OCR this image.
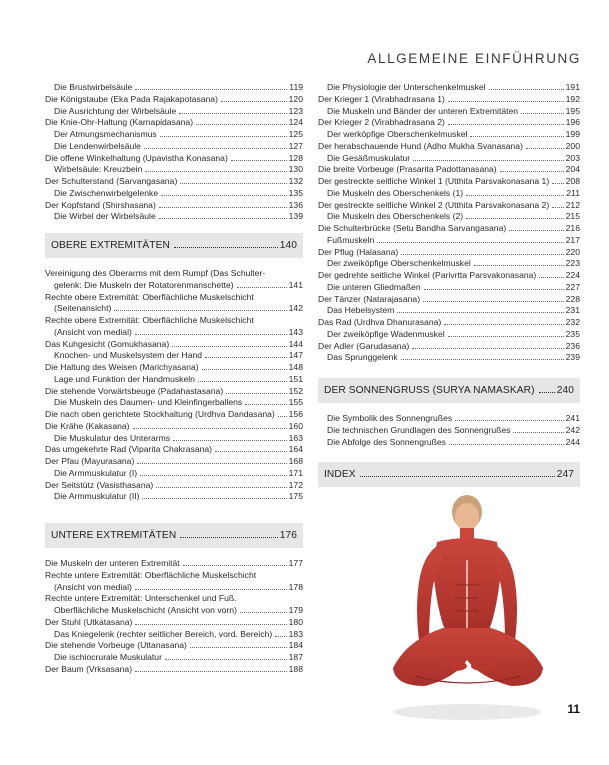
ALLGEMEINE EINFÜHRUNG
Die Brustwirbelsäule	119
Die Königstaube (Eka Pada Rajakapotasana)	120
Die Ausrichtung der Wirbelsäule	123
Die Knie-Ohr-Haltung (Karnapidasana)	124
Der Atmungsmechanismus	125
Die Lendenwirbelsäule	127
Die offene Winkelhaltung (Upavistha Konasana)	128
Wirbelsäule: Kreuzbein	130
Der Schulterstand (Sarvangasana)	132
Die Zwischenwirbelgelenke	135
Der Kopfstand (Shirshasana)	136
Die Wirbel der Wirbelsäule	139
OBERE EXTREMITÄTEN	140
Vereinigung des Oberarms mit dem Rumpf (Das Schulter-
gelenk: Die Muskeln der Rotatorenmanschette)	141
Rechte obere Extremität: Oberflächliche Muskelschicht
(Seitenansicht)	142
Rechte obere Extremität: Oberflächliche Muskelschicht
(Ansicht von medial)	143
Das Kuhgesicht (Gomukhasana)	144
Knochen- und Muskelsystem der Hand	147
Die Haltung des Weisen (Marichyasana)	148
Lage und Funktion der Handmuskeln	151
Die stehende Vorwärtsbeuge (Padahastasana)	152
Die Muskeln des Daumen- und Kleinfingerballens	155
Die nach oben gerichtete Stockhaltung (Urdhva Dandasana) 156
Die Krähe (Kakasana)	160
Die Muskulatur des Unterarms	163
Das umgekehrte Rad (Viparita Chakrasana)	164
Der Pfau (Mayurasana)	168
Die Armmuskulatur (I)	171
Der Seitstütz (Vasisthasana)	172
Die Armmuskulatur (II)	175
UNTERE EXTREMITÄTEN	176
Die Muskeln der unteren Extremität	177
Rechte untere Extremität: Oberflächliche Muskelschicht
(Ansicht von medial)	178
Rechte untere Extremität: Unterschenkel und Fuß.
Oberflächliche Muskelschicht (Ansicht von vorn)	179
Der Stuhl (Utkatasana)	180
Das Kniegelenk (rechter seitlicher Bereich, vord. Bereich) 183
Die stehende Vorbeuge (Uttanasana)	184
Die ischiocrurale Muskulatur	187
Der Baum (Vrksasana)	188
Die Physiologie der Unterschenkelmuskel	191
Der Krieger 1 (Virabhadrasana 1)	192
Die Muskeln und Bänder der unteren Extremitäten	195
Der Krieger 2 (Virabhadrasana 2)	196
Der werköpfige Oberschenkelmuskel	199
Der herabschauende Hund (Adho Mukha Svanasana)	200
Die Gesäßmuskulatur	203
Die breite Vorbeuge (Prasarita Padottanasana)	204
Der gestreckte seitliche Winkel 1 (Utthita Parsvakonasana 1) 208
Die Muskeln des Oberschenkels (1)	211
Der gestreckte seitliche Winkel 2 (Utthita Parsvakonasana 2) 212
Die Muskeln des Oberschenkels (2)	215
Die Schulterbrücke (Setu Bandha Sarvangasana)	216
Fußmuskeln	217
Der Pflug (Halasana)	220
Der zweiköpfige Oberschenkelmuskel	223
Der gedrehte seitliche Winkel (Parivrtta Parsvakonasana)	224
Die unteren Gliedmaßen	227
Der Tänzer (Natarajasana)	228
Das Hebelsystem	231
Das Rad (Urdhva Dhanurasana)	232
Der zweiköpfige Wadenmuskel	235
Der Adler (Garudasana)	236
Das Sprunggelenk	239
DER SONNENGRUSS (SURYA NAMASKAR) 240
Die Symbolik des Sonnengrußes	241
Die technischen Grundlagen des Sonnengrußes	242
Die Abfolge des Sonnengrußes	244
INDEX	247
11
